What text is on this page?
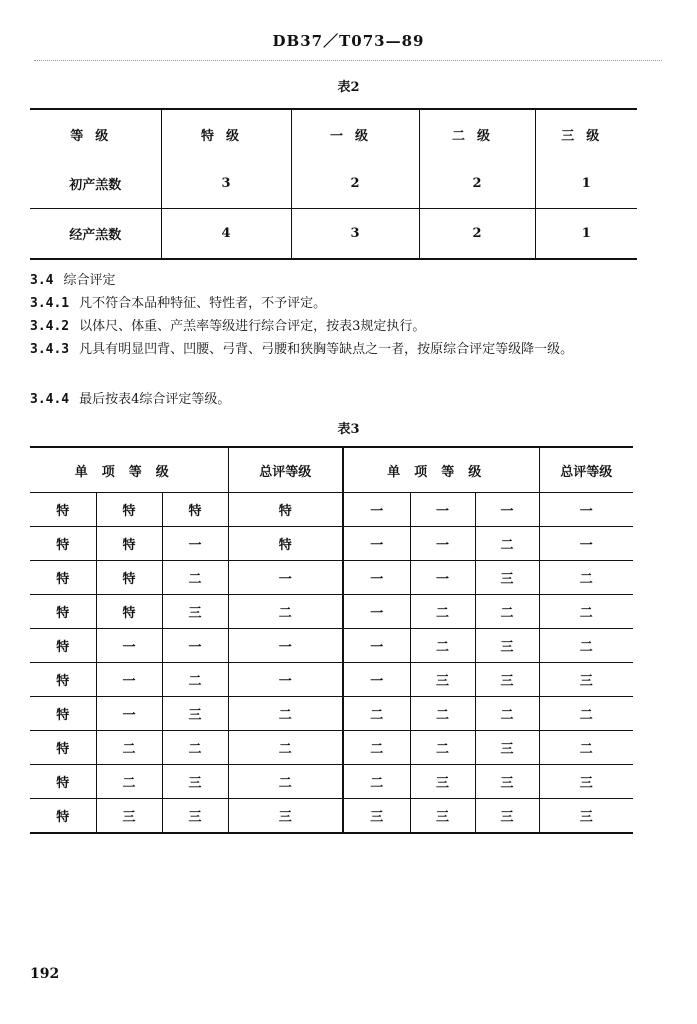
DB37／T073—89
表2
等级	特级	一级	二级	三级
初产羔数	3	2	2	1
经产羔数	4	3	2	1
3.4 综合评定
3.4.1 凡不符合本品种特征、特性者，不予评定。
3.4.2 以体尺、体重、产羔率等级进行综合评定，按表3规定执行。
3.4.3 凡具有明显凹背、凹腰、弓背、弓腰和狭胸等缺点之一者，按原综合评定等级降一级。
3.4.4 最后按表4综合评定等级。
表3
单项等级			总评等级	单项等级			总评等级
特	特	特	特	一	一	一	一
特	特	一	特	一	一	二	一
特	特	二	一	一	一	三	二
特	特	三	二	一	二	二	二
特	一	一	一	一	二	三	二
特	一	二	一	一	三	三	三
特	一	三	二	二	二	二	二
特	二	二	二	二	二	三	二
特	二	三	二	二	三	三	三
特	三	三	三	三	三	三	三
192
